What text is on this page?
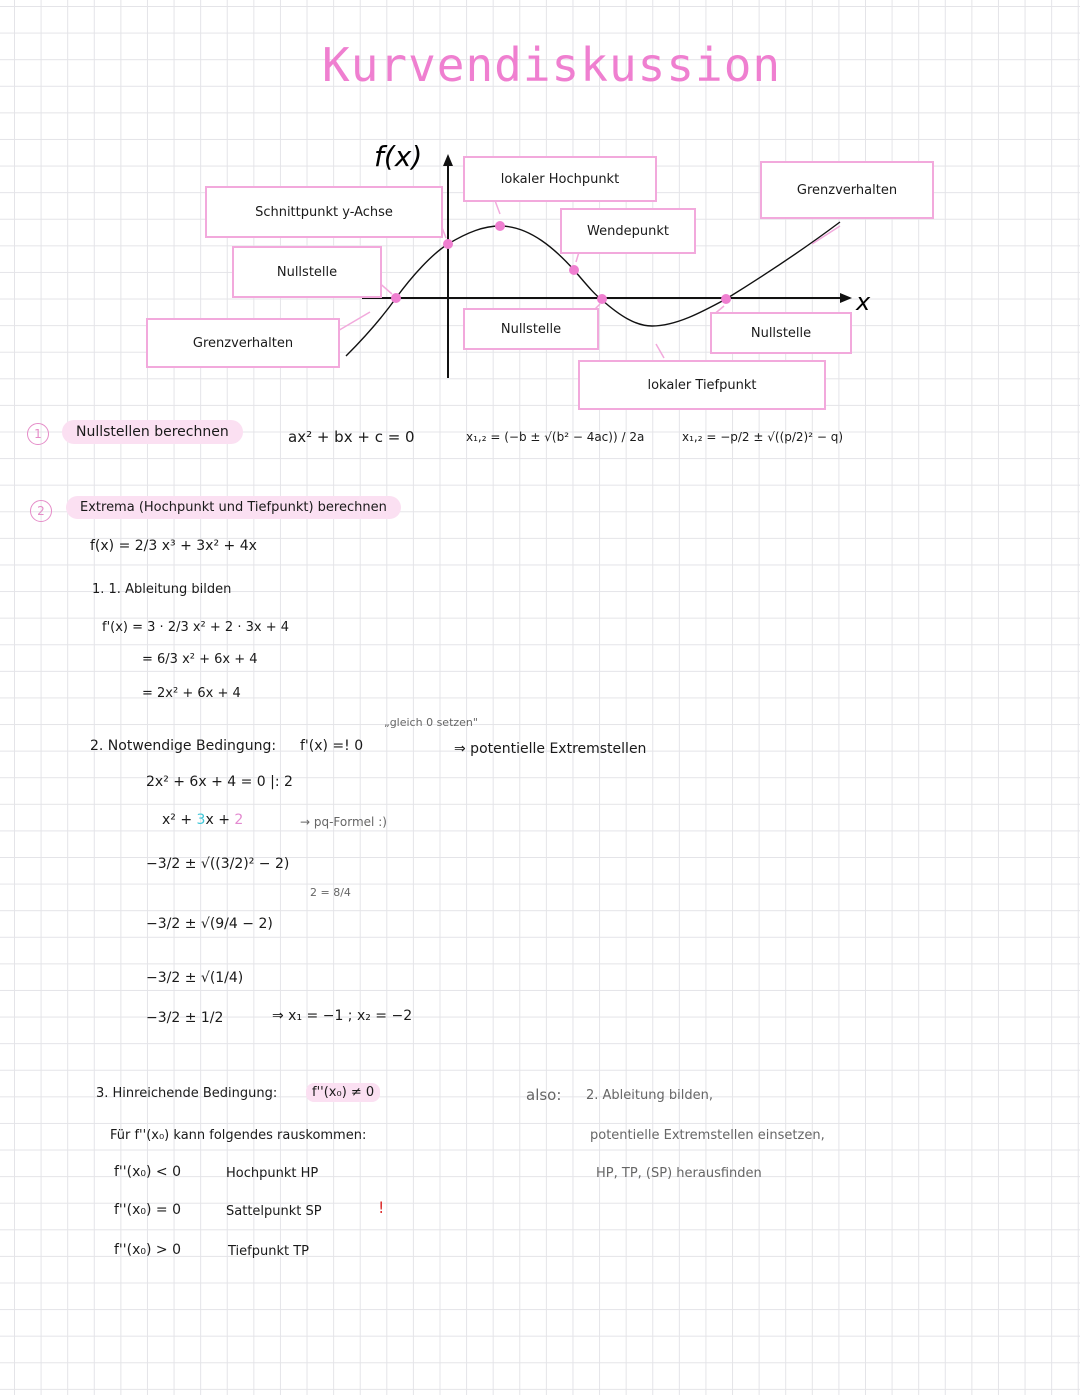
Kurvendiskussion
f(x)
x
Schnittpunkt y-Achse
Nullstelle
Grenzverhalten
lokaler Hochpunkt
Wendepunkt
Grenzverhalten
Nullstelle	Nullstelle
lokaler Tiefpunkt
1	Nullstellen berechnen	ax² + bx + c = 0	x₁,₂ = (−b ± √(b² − 4ac)) / 2a	x₁,₂ = −p/2 ± √((p/2)² − q)
2	Extrema (Hochpunkt und Tiefpunkt) berechnen
f(x) = 2/3 x³ + 3x² + 4x
1. 1. Ableitung bilden
f'(x) = 3 · 2/3 x² + 2 · 3x + 4
= 6/3 x² + 6x + 4
= 2x² + 6x + 4
„gleich 0 setzen"
2. Notwendige Bedingung: f'(x) =! 0	⇒ potentielle Extremstellen
2x² + 6x + 4 = 0 |: 2
x² + 3x + 2	→ pq-Formel :)
−3/2 ± √((3/2)² − 2)
2 = 8/4
−3/2 ± √(9/4 − 2)
−3/2 ± √(1/4)
−3/2 ± 1/2	⇒ x₁ = −1 ; x₂ = −2
3. Hinreichende Bedingung:	f''(x₀) ≠ 0
Für f''(x₀) kann folgendes rauskommen:
f''(x₀) < 0	Hochpunkt HP
f''(x₀) = 0	Sattelpunkt SP	!
f''(x₀) > 0	Tiefpunkt TP
also: 2. Ableitung bilden,
potentielle Extremstellen einsetzen,
HP, TP, (SP) herausfinden
